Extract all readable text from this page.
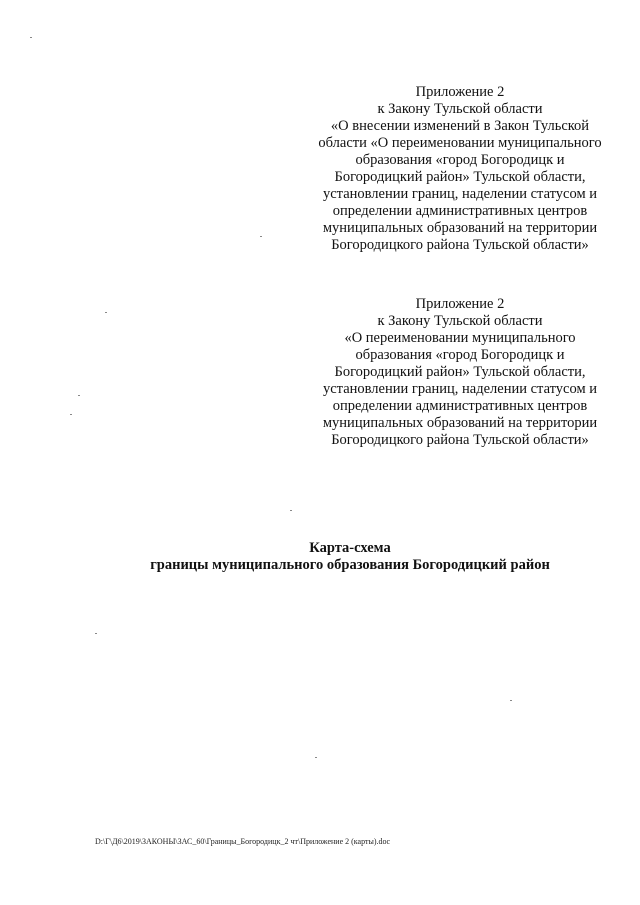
Приложение 2
к Закону Тульской области
«О внесении изменений в Закон Тульской
области «О переименовании муниципального
образования «город Богородицк и
Богородицкий район» Тульской области,
установлении границ, наделении статусом и
определении административных центров
муниципальных образований на территории
Богородицкого района Тульской области»
Приложение 2
к Закону Тульской области
«О переименовании муниципального
образования «город Богородицк и
Богородицкий район» Тульской области,
установлении границ, наделении статусом и
определении административных центров
муниципальных образований на территории
Богородицкого района Тульской области»
Карта-схема
границы муниципального образования Богородицкий район
D:\Г\Д6\2019\ЗАКОНЫ\ЗАС_60\Границы_Богородицк_2 чт\Приложение 2 (карты).doc
